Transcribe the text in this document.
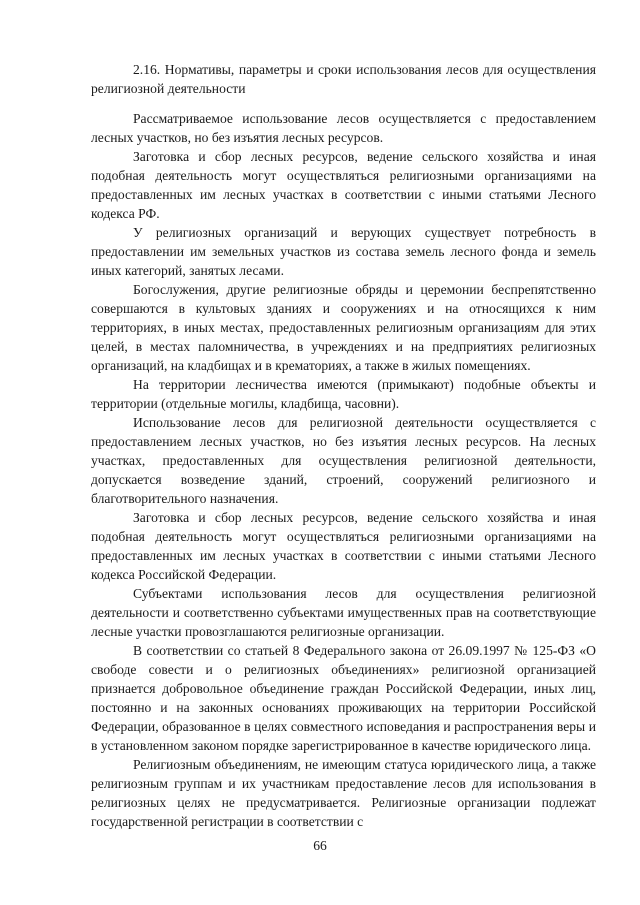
2.16. Нормативы, параметры и сроки использования лесов для осуществления религиозной деятельности

Рассматриваемое использование лесов осуществляется с предоставлением лесных участков, но без изъятия лесных ресурсов.

Заготовка и сбор лесных ресурсов, ведение сельского хозяйства и иная подобная деятельность могут осуществляться религиозными организациями на предоставленных им лесных участках в соответствии с иными статьями Лесного кодекса РФ.

У религиозных организаций и верующих существует потребность в предоставлении им земельных участков из состава земель лесного фонда и земель иных категорий, занятых лесами.

Богослужения, другие религиозные обряды и церемонии беспрепятственно совершаются в культовых зданиях и сооружениях и на относящихся к ним территориях, в иных местах, предоставленных религиозным организациям для этих целей, в местах паломничества, в учреждениях и на предприятиях религиозных организаций, на кладбищах и в крематориях, а также в жилых помещениях.

На территории лесничества имеются (примыкают) подобные объекты и территории (отдельные могилы, кладбища, часовни).

Использование лесов для религиозной деятельности осуществляется с предоставлением лесных участков, но без изъятия лесных ресурсов. На лесных участках, предоставленных для осуществления религиозной деятельности, допускается возведение зданий, строений, сооружений религиозного и благотворительного назначения.

Заготовка и сбор лесных ресурсов, ведение сельского хозяйства и иная подобная деятельность могут осуществляться религиозными организациями на предоставленных им лесных участках в соответствии с иными статьями Лесного кодекса Российской Федерации.

Субъектами использования лесов для осуществления религиозной деятельности и соответственно субъектами имущественных прав на соответствующие лесные участки провозглашаются религиозные организации.

В соответствии со статьей 8 Федерального закона от 26.09.1997 № 125-ФЗ «О свободе совести и о религиозных объединениях» религиозной организацией признается добровольное объединение граждан Российской Федерации, иных лиц, постоянно и на законных основаниях проживающих на территории Российской Федерации, образованное в целях совместного исповедания и распространения веры и в установленном законом порядке зарегистрированное в качестве юридического лица.

Религиозным объединениям, не имеющим статуса юридического лица, а также религиозным группам и их участникам предоставление лесов для использования в религиозных целях не предусматривается. Религиозные организации подлежат государственной регистрации в соответствии с

66
